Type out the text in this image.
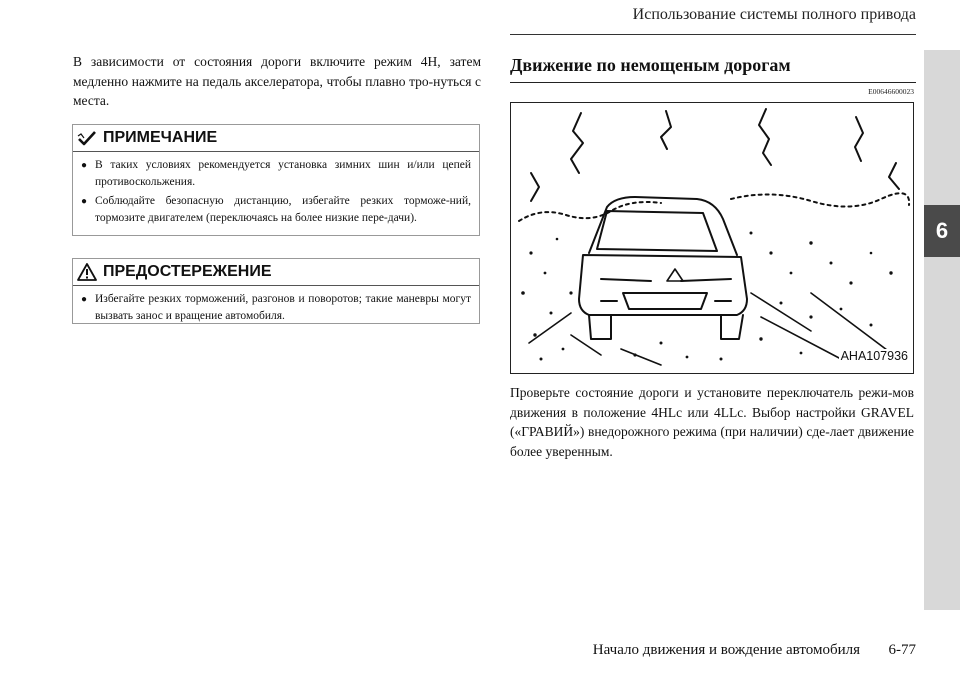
Использование системы полного привода
6
В зависимости от состояния дороги включите режим 4H, затем медленно нажмите на педаль акселератора, чтобы плавно тро-нуться с места.
ПРИМЕЧАНИЕ
● В таких условиях рекомендуется установка зимних шин и/или цепей противоскольжения.
● Соблюдайте безопасную дистанцию, избегайте резких торможе-ний, тормозите двигателем (переключаясь на более низкие пере-дачи).
ПРЕДОСТЕРЕЖЕНИЕ
● Избегайте резких торможений, разгонов и поворотов; такие маневры могут вызвать занос и вращение автомобиля.
Движение по немощеным дорогам
E00646600023
AHA107936
Проверьте состояние дороги и установите переключатель режи-мов движения в положение 4HLc или 4LLc. Выбор настройки GRAVEL («ГРАВИЙ») внедорожного режима (при наличии) сде-лает движение более уверенным.
Начало движения и вождение автомобиля 6-77
